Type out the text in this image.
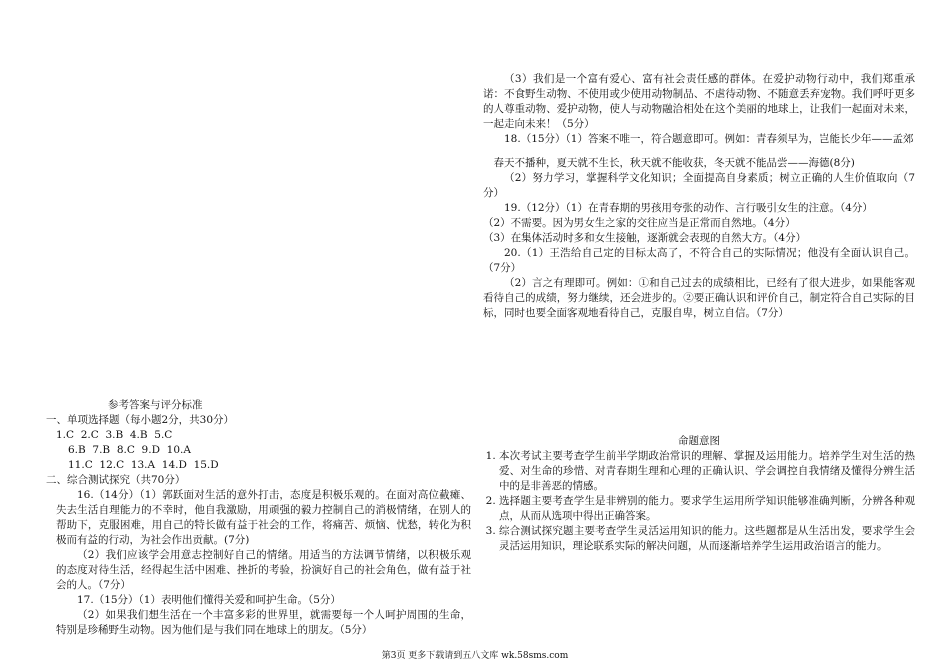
（3）我们是一个富有爱心、富有社会责任感的群体。在爱护动物行动中，我们郑重承诺：不食野生动物、不使用或少使用动物制品、不虐待动物、不随意丢弃宠物。我们呼吁更多的人尊重动物、爱护动物，使人与动物融洽相处在这个美丽的地球上，让我们一起面对未来，一起走向未来！（5分）

18.（15分）（1）答案不唯一，符合题意即可。例如：青春须早为，岂能长少年——孟郊

春天不播种，夏天就不生长，秋天就不能收获，冬天就不能品尝——海德(8分)

（2）努力学习，掌握科学文化知识；全面提高自身素质；树立正确的人生价值取向（7分）

19.（12分）（1）在青春期的男孩用夸张的动作、言行吸引女生的注意。（4分）

（2）不需要。因为男女生之家的交往应当是正常而自然地。（4分）

（3）在集体活动时多和女生接触，逐渐就会表现的自然大方。（4分）

20.（1）王浩给自己定的目标太高了，不符合自己的实际情况；他没有全面认识自己。（7分）

（2）言之有理即可。例如：①和自己过去的成绩相比，已经有了很大进步，如果能客观看待自己的成绩，努力继续，还会进步的。②要正确认识和评价自己，制定符合自己实际的目标，同时也要全面客观地看待自己，克服自卑，树立自信。（7分）

参考答案与评分标准

一、单项选择题（每小题2分，共30分）

1.C  2.C  3.B  4.B  5.C

6.B  7.B  8.C  9.D  10.A

11.C  12.C  13.A  14.D  15.D

二、综合测试探究（共70分）

16.（14分）（1）郭跃面对生活的意外打击，态度是积极乐观的。在面对高位截瘫、失去生活自理能力的不幸时，他自我激励，用顽强的毅力控制自己的消极情绪，在别人的帮助下，克服困难，用自己的特长做有益于社会的工作，将痛苦、烦恼、忧愁，转化为积极而有益的行动，为社会作出贡献。(7分)

（2）我们应该学会用意志控制好自己的情绪。用适当的方法调节情绪，以积极乐观的态度对待生活，经得起生活中困难、挫折的考验，扮演好自己的社会角色，做有益于社会的人。（7分）

17.（15分）（1）表明他们懂得关爱和呵护生命。（5分）

（2）如果我们想生活在一个丰富多彩的世界里，就需要每一个人呵护周围的生命，特别是珍稀野生动物。因为他们是与我们同在地球上的朋友。（5分）

命题意图

1. 本次考试主要考查学生前半学期政治常识的理解、掌握及运用能力。培养学生对生活的热爱、对生命的珍惜、对青春期生理和心理的正确认识、学会调控自我情绪及懂得分辨生活中的是非善恶的情感。
2. 选择题主要考查学生是非辨别的能力。要求学生运用所学知识能够准确判断，分辨各种观点，从而从选项中得出正确答案。
3. 综合测试探究题主要考查学生灵活运用知识的能力。这些题都是从生活出发，要求学生会灵活运用知识，理论联系实际的解决问题，从而逐渐培养学生运用政治语言的能力。
第3页 更多下载请到五八文库 wk.58sms.com
